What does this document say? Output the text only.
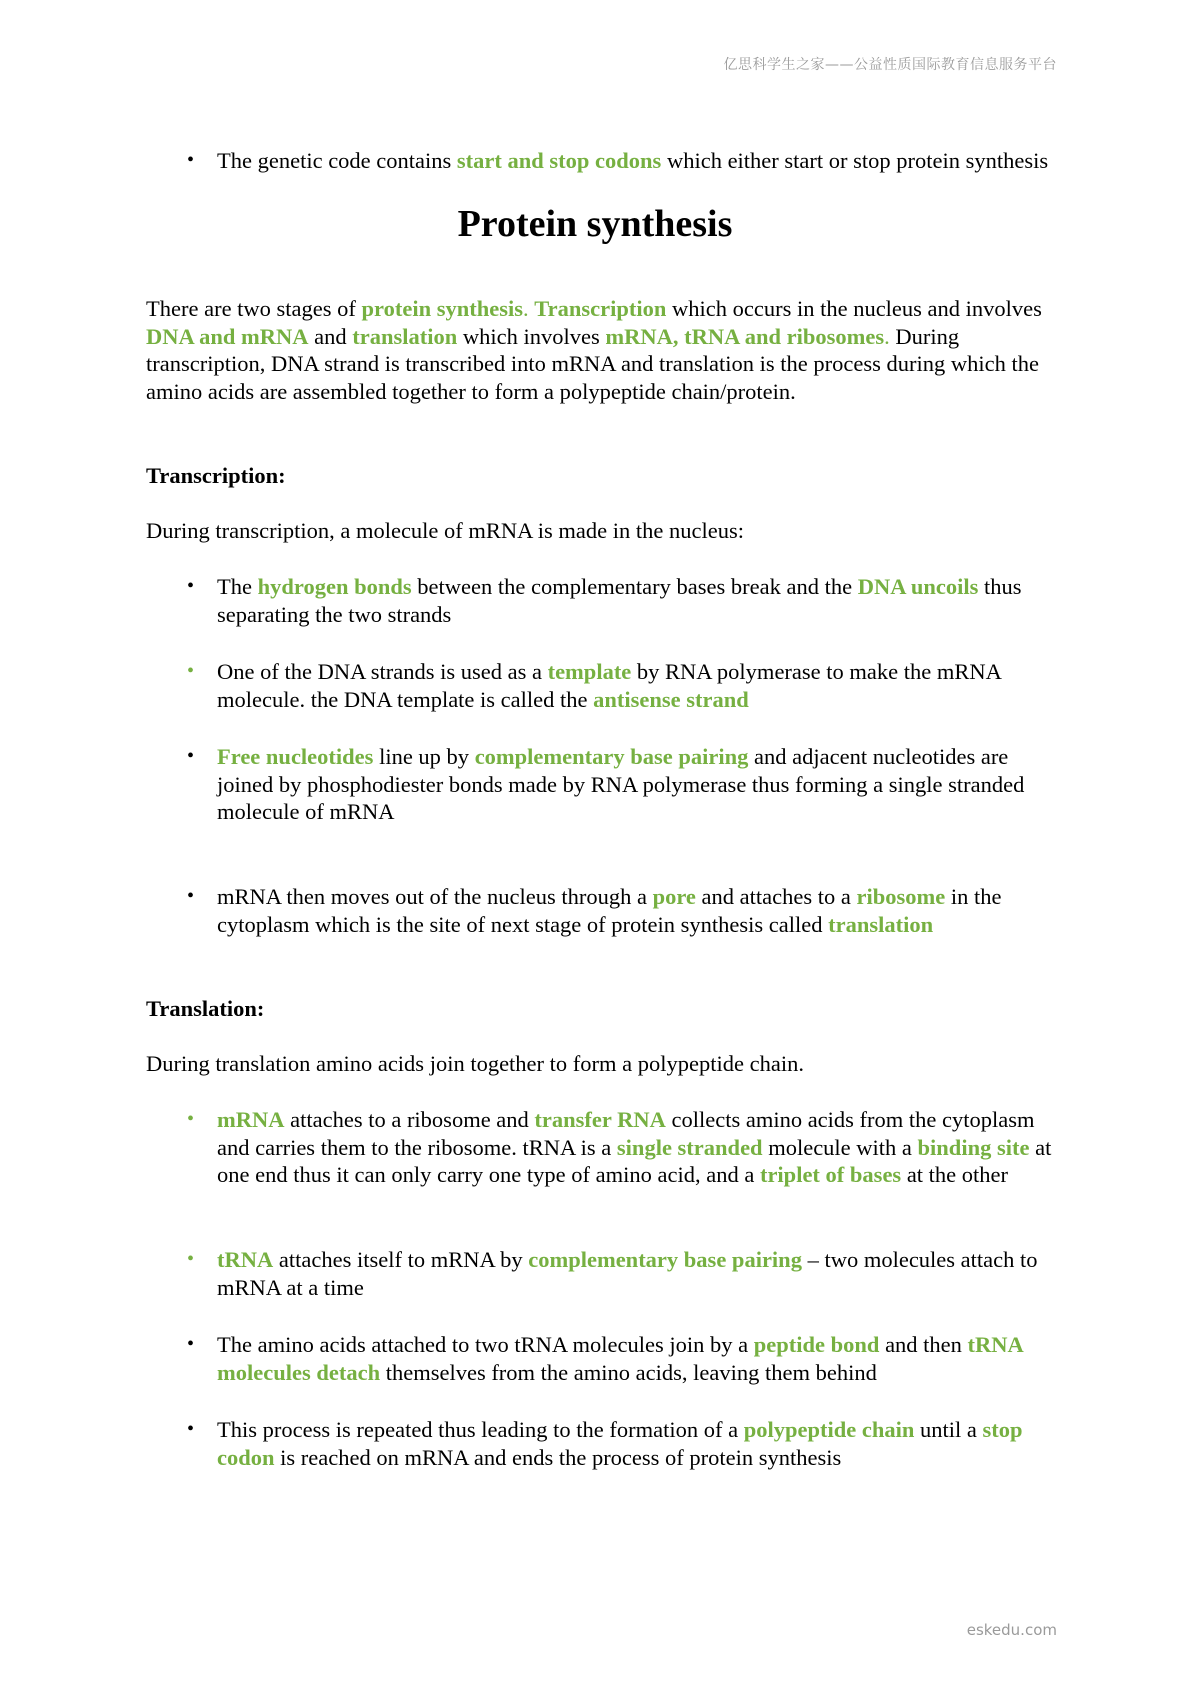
亿思科学生之家——公益性质国际教育信息服务平台
•	The genetic code contains start and stop codons which either start or stop protein synthesis
Protein synthesis
There are two stages of protein synthesis. Transcription which occurs in the nucleus and involves DNA and mRNA and translation which involves mRNA, tRNA and ribosomes. During transcription, DNA strand is transcribed into mRNA and translation is the process during which the amino acids are assembled together to form a polypeptide chain/protein.
Transcription:
During transcription, a molecule of mRNA is made in the nucleus:
•	The hydrogen bonds between the complementary bases break and the DNA uncoils thus separating the two strands
•	One of the DNA strands is used as a template by RNA polymerase to make the mRNA molecule. the DNA template is called the antisense strand
•	Free nucleotides line up by complementary base pairing and adjacent nucleotides are joined by phosphodiester bonds made by RNA polymerase thus forming a single stranded molecule of mRNA
•	mRNA then moves out of the nucleus through a pore and attaches to a ribosome in the cytoplasm which is the site of next stage of protein synthesis called translation
Translation:
During translation amino acids join together to form a polypeptide chain.
•	mRNA attaches to a ribosome and transfer RNA collects amino acids from the cytoplasm and carries them to the ribosome. tRNA is a single stranded molecule with a binding site at one end thus it can only carry one type of amino acid, and a triplet of bases at the other
•	tRNA attaches itself to mRNA by complementary base pairing – two molecules attach to mRNA at a time
•	The amino acids attached to two tRNA molecules join by a peptide bond and then tRNA molecules detach themselves from the amino acids, leaving them behind
•	This process is repeated thus leading to the formation of a polypeptide chain until a stop codon is reached on mRNA and ends the process of protein synthesis
eskedu.com
